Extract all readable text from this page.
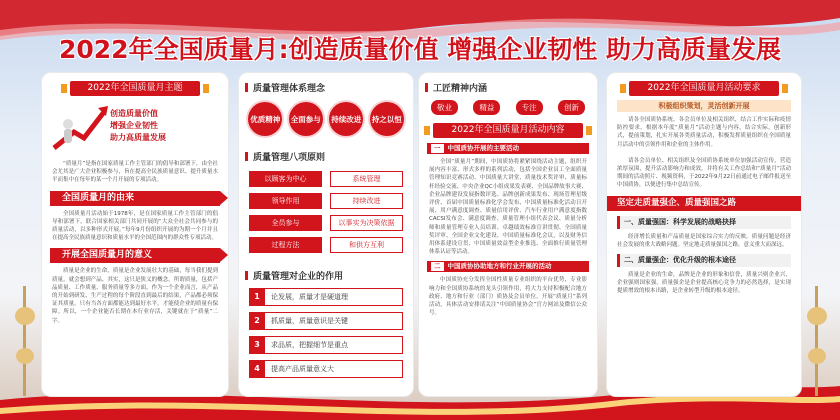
2022年全国质量月:创造质量价值 增强企业韧性 助力高质量发展
2022年全国质量月主题
创造质量价值
增强企业韧性
助力高质量发展
“质量月”是指在国家质量工作主管部门的倡导和部署下，由全社会尤其是广大企业积极参与，旨在提高全民族质量意识、提升质量水平而集中在每年的某一个月开展的专项活动。
全国质量月的由来
全国质量月活动始于1978年，是在国家质量工作主管部门的倡导和部署下，联合国家相关部门共同开展的“大众全社会共同参与的质量活动，以多种形式开展。”每年9月份组织开展的为期一个月并且在提高全民族质量意识和质量水平的全国范围内的群众性专项活动。
开展全国质量月的意义
质量是企业的生命，质量是企业发展壮大的基础，每当我们提到质量，就会想到产品、其实，这只是狭义的概念。所谓质量，包括产品质量、工作质量、服务质量等多方面。作为一个企业而言，从产品的开始到研发、生产过程的每个阶段直到最后的结果，产品都必须保证其质量。只有当各方面都能达到最好水平，才能使企业的质量有保障。所以，一个企业能否长期在本行业存活，关键就在于“质量”二字。
质量管理体系理念
优质精神 全面参与 持续改进 持之以恒
质量管理八项原则
以顾客为中心	系统管理
领导作用	持续改进
全员参与	以事实为决策依据
过程方法	和供方互利
质量管理对企业的作用
1	论发展，质量才是硬道理
2	抓质量，质量意识是关键
3	求品质，把握细节是重点
4	提高产品质量意义大
工匠精神内涵
敬业	精益	专注	创新
2022年全国质量月活动内容
一	中国质协开展的主要活动
全国“质量月”期间，中国质协将紧紧围绕活动主题，组织开展内容丰富、形式多样的系列活动，包括全国企业员工全面质量管理知识竞赛活动、中国质量大讲堂、质量技术奖评审、质量标杆经验交流、中央企业QC小组成果发表赛、全国品牌故事大赛、企业品牌建设发展指数评选、品牌创新成果发布、现场管理星级评价、首届中国质量标准化学会发布、中国质量标准化活动日开展、用户满意度调查、质量信用评价、汽车行业用户满意度指数CACSI发布会、满意度调查、质量管理小组代表会议、质量分析师和质量管理专业人员培训、卓越绩效标准宣讲贯彻、全国质量奖评审、全国企业文化建设、中国质量标准化会议，以及财务信用体系建设宣贯、中国质量效益型企业推选、全面推行质量管理体系认证等活动。
二	中国质协协助地方和行业开展的活动
中国质协充分发挥全国性质量专业组织的平台优势，专业影响力和全国质协系统的龙头引领作用，将大力支持积极配合地方政府、地方和行业（部门）质协及会员单位，开展“质量月”系列活动，具体活动安排请关注“中国质量协会”官方网站及微信公众号。
2022年全国质量月活动要求
积极组织策划，灵活创新开展
请各全国质协系统、各会员单位及相关组织，结合工作实际和疫情防控要求，根据本年度“质量月”活动主题与内容，结合实际，创新形式，提前策划，扎实开展各类质量活动，积极发挥质量组织在全国质量月活动中的引领作用和企业的主体作用。
请各会员单位、相关组织及全国质协系统单位加强活动宣传，营造浓厚氛围，提升活动影响力和成效，并将有关工作总结和“质量月”活动期间的活动照片、视频资料，于2022年9月22日前通过电子邮件报送至中国质协，以便进行集中总结宣传。
坚定走质量强企、质量强国之路
一、质量强国：科学发展的战略抉择
经济增长质量和产品质量是国家综合实力的反映。质量问题是经济社会发展的重大战略问题。坚定地走质量强国之路，意义重大而深远。
二、质量强企：优化升级的根本途径
质量是企业的生命，品牌是企业的形象和信誉，质量兴则企业兴，企业强则国家强。质量强企是企业提高核心竞争力的必然选择，是实现提质增效的根本出路，是企业转型升级的根本途径。
